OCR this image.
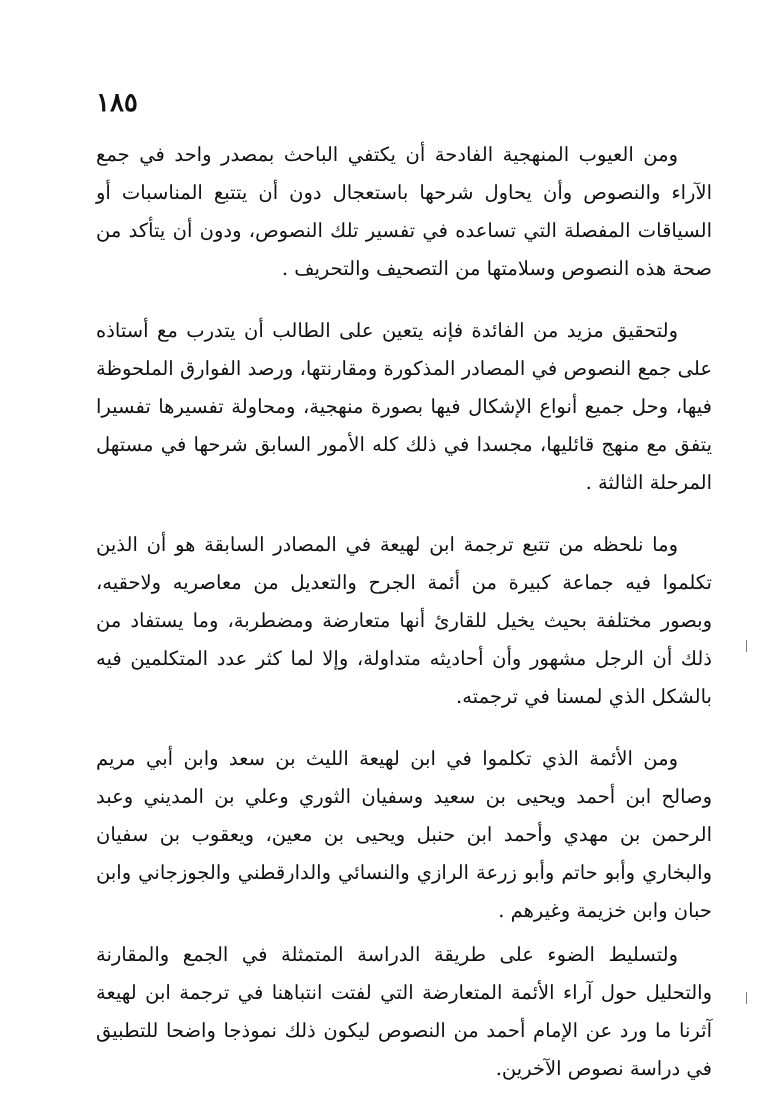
١٨٥

ومن العيوب المنهجية الفادحة أن يكتفي الباحث بمصدر واحد في جمع الآراء والنصوص وأن يحاول شرحها باستعجال دون أن يتتبع المناسبات أو السياقات المفصلة التي تساعده في تفسير تلك النصوص، ودون أن يتأكد من صحة هذه النصوص وسلامتها من التصحيف والتحريف .

ولتحقيق مزيد من الفائدة فإنه يتعين على الطالب أن يتدرب مع أستاذه على جمع النصوص في المصادر المذكورة ومقارنتها، ورصد الفوارق الملحوظة فيها، وحل جميع أنواع الإشكال فيها بصورة منهجية، ومحاولة تفسيرها تفسيرا يتفق مع منهج قائليها، مجسدا في ذلك كله الأمور السابق شرحها في مستهل المرحلة الثالثة .

وما نلحظه من تتبع ترجمة ابن لهيعة في المصادر السابقة هو أن الذين تكلموا فيه جماعة كبيرة من أئمة الجرح والتعديل من معاصريه ولاحقيه، وبصور مختلفة بحيث يخيل للقارئ أنها متعارضة ومضطربة، وما يستفاد من ذلك أن الرجل مشهور وأن أحاديثه متداولة، وإلا لما كثر عدد المتكلمين فيه بالشكل الذي لمسنا في ترجمته.

ومن الأئمة الذي تكلموا في ابن لهيعة الليث بن سعد وابن أبي مريم وصالح ابن أحمد ويحيى بن سعيد وسفيان الثوري وعلي بن المديني وعبد الرحمن بن مهدي وأحمد ابن حنبل ويحيى بن معين، ويعقوب بن سفيان والبخاري وأبو حاتم وأبو زرعة الرازي والنسائي والدارقطني والجوزجاني وابن حبان وابن خزيمة وغيرهم .

ولتسليط الضوء على طريقة الدراسة المتمثلة في الجمع والمقارنة والتحليل حول آراء الأئمة المتعارضة التي لفتت انتباهنا في ترجمة ابن لهيعة آثرنا ما ورد عن الإمام أحمد من النصوص ليكون ذلك نموذجا واضحا للتطبيق في دراسة نصوص الآخرين.
